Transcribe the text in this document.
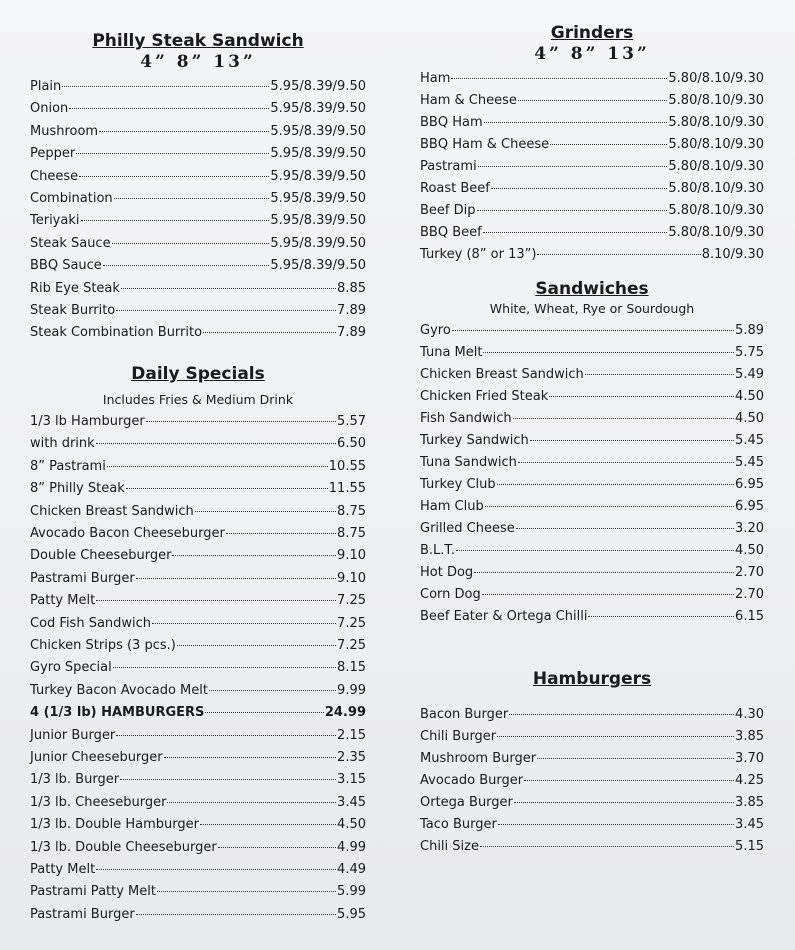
Philly Steak Sandwich
4” 8” 13”
Plain	5.95/8.39/9.50
Onion	5.95/8.39/9.50
Mushroom	5.95/8.39/9.50
Pepper	5.95/8.39/9.50
Cheese	5.95/8.39/9.50
Combination	5.95/8.39/9.50
Teriyaki	5.95/8.39/9.50
Steak Sauce	5.95/8.39/9.50
BBQ Sauce	5.95/8.39/9.50
Rib Eye Steak	8.85
Steak Burrito	7.89
Steak Combination Burrito	7.89
Daily Specials
Includes Fries & Medium Drink
1/3 lb Hamburger	5.57
with drink	6.50
8” Pastrami	10.55
8” Philly Steak	11.55
Chicken Breast Sandwich	8.75
Avocado Bacon Cheeseburger	8.75
Double Cheeseburger	9.10
Pastrami Burger	9.10
Patty Melt	7.25
Cod Fish Sandwich	7.25
Chicken Strips (3 pcs.)	7.25
Gyro Special	8.15
Turkey Bacon Avocado Melt	9.99
4 (1/3 lb) HAMBURGERS	24.99
Junior Burger	2.15
Junior Cheeseburger	2.35
1/3 lb. Burger	3.15
1/3 lb. Cheeseburger	3.45
1/3 lb. Double Hamburger	4.50
1/3 lb. Double Cheeseburger	4.99
Patty Melt	4.49
Pastrami Patty Melt	5.99
Pastrami Burger	5.95
Grinders
4” 8” 13”
Ham	5.80/8.10/9.30
Ham & Cheese	5.80/8.10/9.30
BBQ Ham	5.80/8.10/9.30
BBQ Ham & Cheese	5.80/8.10/9.30
Pastrami	5.80/8.10/9.30
Roast Beef	5.80/8.10/9.30
Beef Dip	5.80/8.10/9.30
BBQ Beef	5.80/8.10/9.30
Turkey (8” or 13”)	8.10/9.30
Sandwiches
White, Wheat, Rye or Sourdough
Gyro	5.89
Tuna Melt	5.75
Chicken Breast Sandwich	5.49
Chicken Fried Steak	4.50
Fish Sandwich	4.50
Turkey Sandwich	5.45
Tuna Sandwich	5.45
Turkey Club	6.95
Ham Club	6.95
Grilled Cheese	3.20
B.L.T.	4.50
Hot Dog	2.70
Corn Dog	2.70
Beef Eater & Ortega Chilli	6.15
Hamburgers
Bacon Burger	4.30
Chili Burger	3.85
Mushroom Burger	3.70
Avocado Burger	4.25
Ortega Burger	3.85
Taco Burger	3.45
Chili Size	5.15
